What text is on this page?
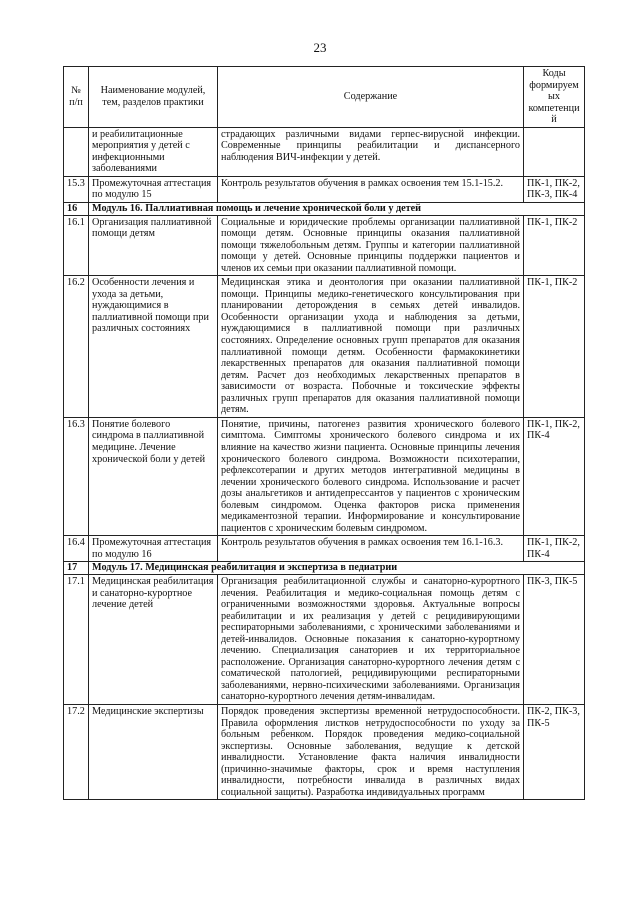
23
№ п/п	Наименование модулей, тем, разделов практики	Содержание	Коды формируемых компетенций
	и реабилитационные мероприятия у детей с инфекционными заболеваниями	страдающих различными видами герпес-вирусной инфекции. Современные принципы реабилитации и диспансерного наблюдения ВИЧ-инфекции у детей.	
15.3	Промежуточная аттестация по модулю 15	Контроль результатов обучения в рамках освоения тем 15.1-15.2.	ПК-1, ПК-2, ПК-3, ПК-4
16	Модуль 16. Паллиативная помощь и лечение хронической боли у детей		
16.1	Организация паллиативной помощи детям	Социальные и юридические проблемы организации паллиативной помощи детям. Основные принципы оказания паллиативной помощи тяжелобольным детям. Группы и категории паллиативной помощи у детей. Основные принципы поддержки пациентов и членов их семьи при оказании паллиативной помощи.	ПК-1, ПК-2
16.2	Особенности лечения и ухода за детьми, нуждающимися в паллиативной помощи при различных состояниях	Медицинская этика и деонтология при оказании паллиативной помощи. Принципы медико-генетического консультирования при планировании деторождения в семьях детей инвалидов. Особенности организации ухода и наблюдения за детьми, нуждающимися в паллиативной помощи при различных состояниях. Определение основных групп препаратов для оказания паллиативной помощи детям. Особенности фармакокинетики лекарственных препаратов для оказания паллиативной помощи детям. Расчет доз необходимых лекарственных препаратов в зависимости от возраста. Побочные и токсические эффекты различных групп препаратов для оказания паллиативной помощи детям.	ПК-1, ПК-2
16.3	Понятие болевого синдрома в паллиативной медицине. Лечение хронической боли у детей	Понятие, причины, патогенез развития хронического болевого симптома. Симптомы хронического болевого синдрома и их влияние на качество жизни пациента. Основные принципы лечения хронического болевого синдрома. Возможности психотерапии, рефлексотерапии и других методов интегративной медицины в лечении хронического болевого синдрома. Использование и расчет дозы анальгетиков и антидепрессантов у пациентов с хроническим болевым синдромом. Оценка факторов риска применения медикаментозной терапии. Информирование и консультирование пациентов с хроническим болевым синдромом.	ПК-1, ПК-2, ПК-4
16.4	Промежуточная аттестация по модулю 16	Контроль результатов обучения в рамках освоения тем 16.1-16.3.	ПК-1, ПК-2, ПК-4
17	Модуль 17. Медицинская реабилитация и экспертиза в педиатрии		
17.1	Медицинская реабилитация и санаторно-курортное лечение детей	Организация реабилитационной службы и санаторно-курортного лечения. Реабилитация и медико-социальная помощь детям с ограниченными возможностями здоровья. Актуальные вопросы реабилитации и их реализация у детей с рецидивирующими респираторными заболеваниями, с хроническими заболеваниями и детей-инвалидов. Основные показания к санаторно-курортному лечению. Специализация санаториев и их территориальное расположение. Организация санаторно-курортного лечения детям с соматической патологией, рецидивирующими респираторными заболеваниями, нервно-психическими заболеваниями. Организация санаторно-курортного лечения детям-инвалидам.	ПК-3, ПК-5
17.2	Медицинские экспертизы	Порядок проведения экспертизы временной нетрудоспособности. Правила оформления листков нетрудоспособности по уходу за больным ребенком. Порядок проведения медико-социальной экспертизы. Основные заболевания, ведущие к детской инвалидности. Установление факта наличия инвалидности (причинно-значимые факторы, срок и время наступления инвалидности, потребности инвалида в различных видах социальной защиты). Разработка индивидуальных программ	ПК-2, ПК-3, ПК-5
